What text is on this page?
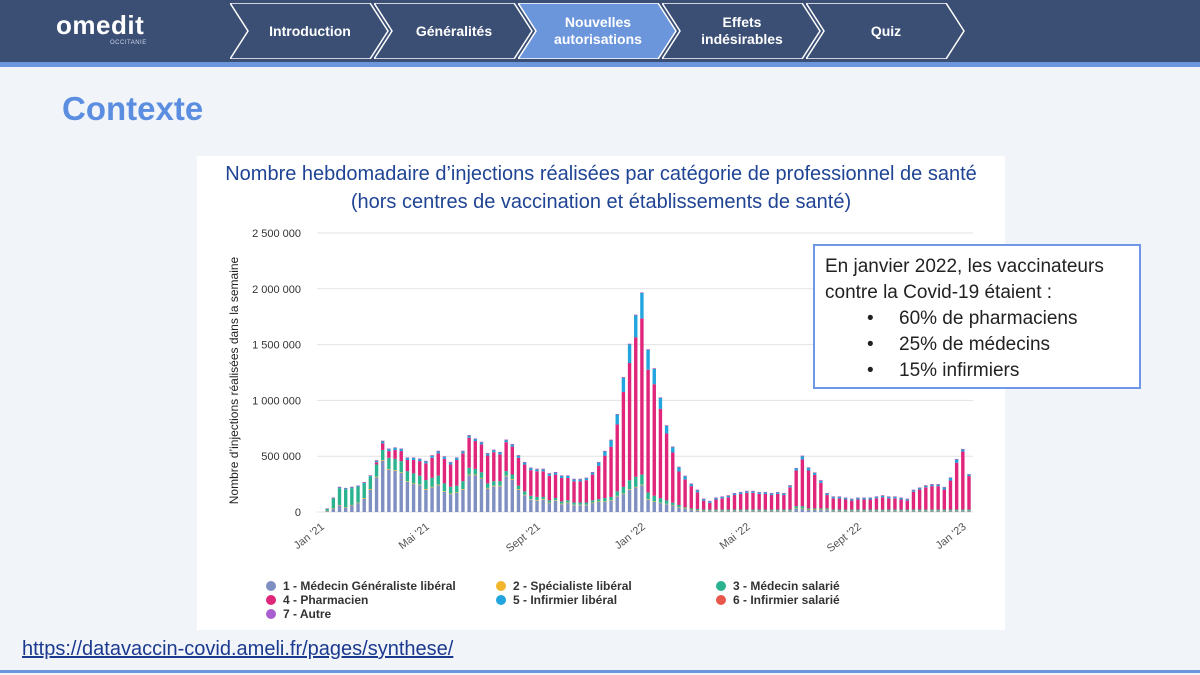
omedit
OCCITANIE
Introduction	Généralités
Nouvelles autorisations
Effets indésirables
Quiz
Contexte
Nombre hebdomadaire d’injections réalisées par catégorie de professionnel de santé
(hors centres de vaccination et établissements de santé)
0
500 000
1 000 000
1 500 000
2 000 000
2 500 000
Nombre d’injections réalisées dans la semaine
Jan '21	Mai '21	Sept '21	Jan '22	Mai '22	Sept '22	Jan '23
1 - Médecin Généraliste libéral	2 - Spécialiste libéral	3 - Médecin salarié
4 - Pharmacien	5 - Infirmier libéral	6 - Infirmier salarié
7 - Autre
En janvier 2022, les vaccinateurs contre la Covid-19 étaient :
• 60% de pharmaciens
• 25% de médecins
• 15% infirmiers
https://datavaccin-covid.ameli.fr/pages/synthese/
